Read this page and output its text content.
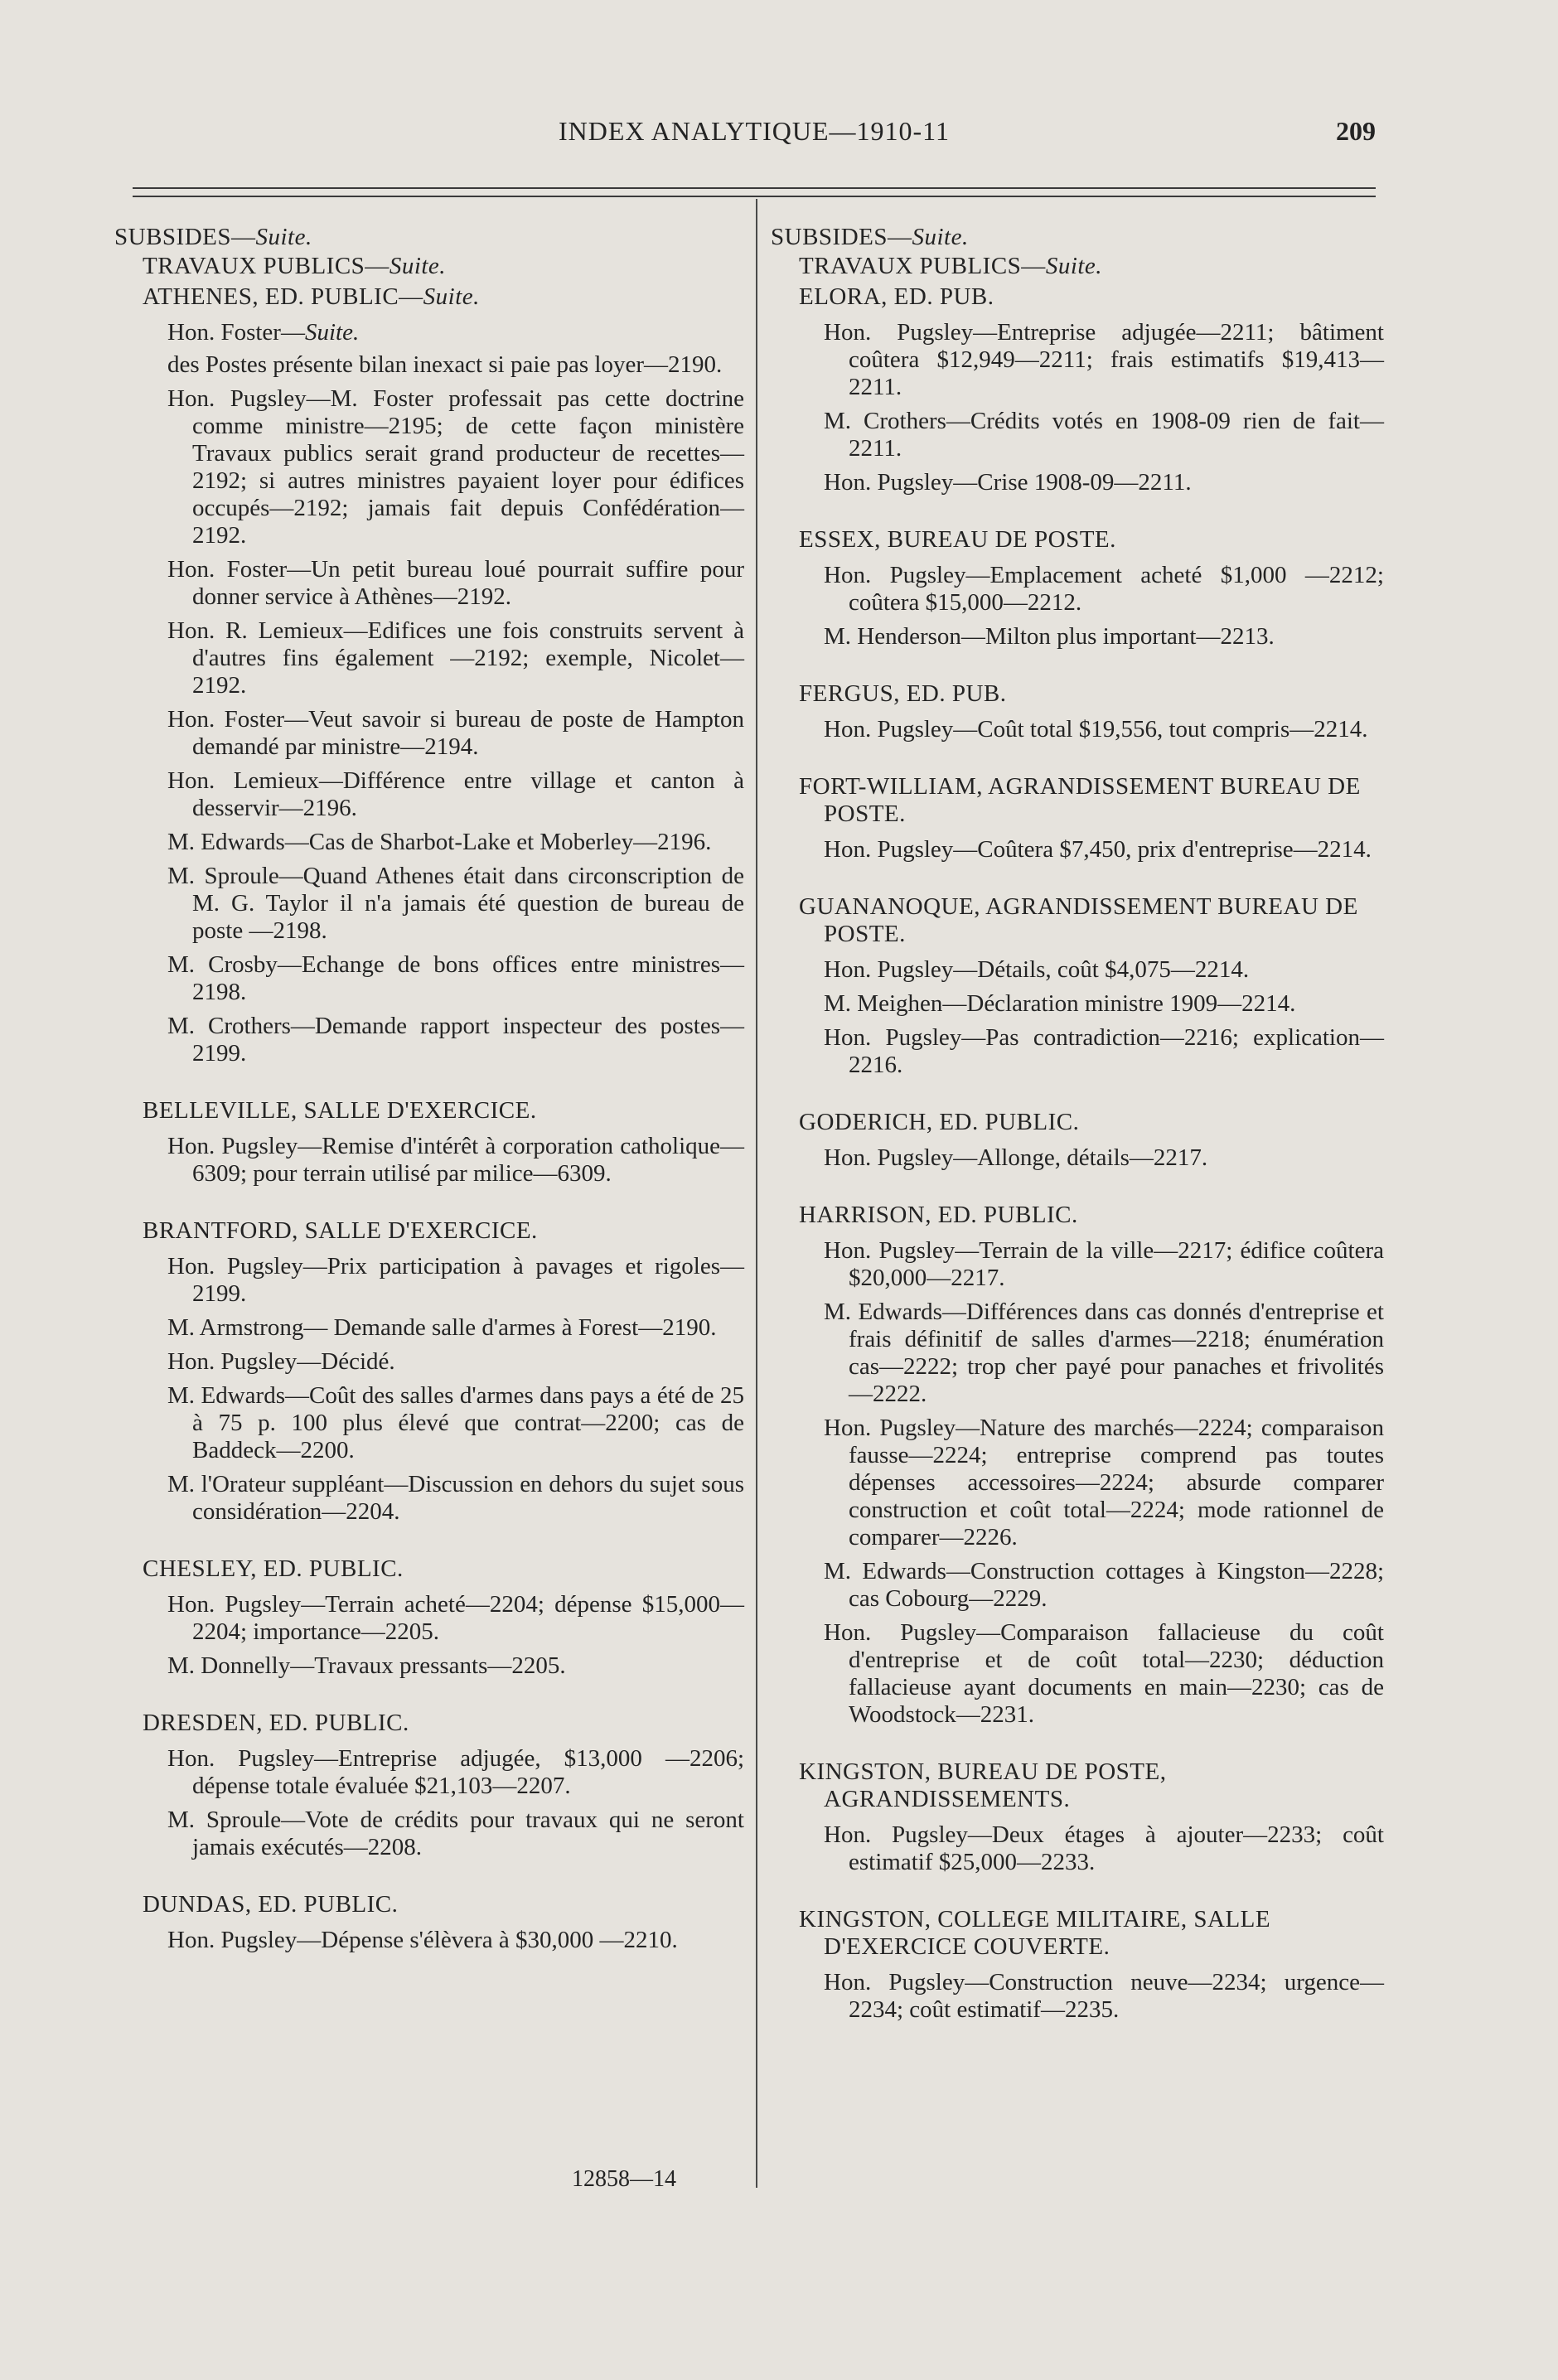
INDEX ANALYTIQUE—1910-11	209

SUBSIDES—Suite.

TRAVAUX PUBLICS—Suite.

ATHENES, ED. PUBLIC—Suite.

Hon. Foster—Suite.

des Postes présente bilan inexact si paie pas loyer—2190.

Hon. Pugsley—M. Foster professait pas cette doctrine comme ministre—2195; de cette façon ministère Travaux publics serait grand producteur de recettes—2192; si autres ministres payaient loyer pour édifices occupés—2192; jamais fait depuis Confédération—2192.

Hon. Foster—Un petit bureau loué pourrait suffire pour donner service à Athènes—2192.

Hon. R. Lemieux—Edifices une fois construits servent à d'autres fins également —2192; exemple, Nicolet—2192.

Hon. Foster—Veut savoir si bureau de poste de Hampton demandé par ministre—2194.

Hon. Lemieux—Différence entre village et canton à desservir—2196.

M. Edwards—Cas de Sharbot-Lake et Moberley—2196.

M. Sproule—Quand Athenes était dans circonscription de M. G. Taylor il n'a jamais été question de bureau de poste —2198.

M. Crosby—Echange de bons offices entre ministres—2198.

M. Crothers—Demande rapport inspecteur des postes—2199.

BELLEVILLE, SALLE D'EXERCICE.

Hon. Pugsley—Remise d'intérêt à corporation catholique—6309; pour terrain utilisé par milice—6309.

BRANTFORD, SALLE D'EXERCICE.

Hon. Pugsley—Prix participation à pavages et rigoles—2199.

M. Armstrong— Demande salle d'armes à Forest—2190.

Hon. Pugsley—Décidé.

M. Edwards—Coût des salles d'armes dans pays a été de 25 à 75 p. 100 plus élevé que contrat—2200; cas de Baddeck—2200.

M. l'Orateur suppléant—Discussion en dehors du sujet sous considération—2204.

CHESLEY, ED. PUBLIC.

Hon. Pugsley—Terrain acheté—2204; dépense $15,000—2204; importance—2205.

M. Donnelly—Travaux pressants—2205.

DRESDEN, ED. PUBLIC.

Hon. Pugsley—Entreprise adjugée, $13,000 —2206; dépense totale évaluée $21,103—2207.

M. Sproule—Vote de crédits pour travaux qui ne seront jamais exécutés—2208.

DUNDAS, ED. PUBLIC.

Hon. Pugsley—Dépense s'élèvera à $30,000 —2210.

SUBSIDES—Suite.

TRAVAUX PUBLICS—Suite.

ELORA, ED. PUB.

Hon. Pugsley—Entreprise adjugée—2211; bâtiment coûtera $12,949—2211; frais estimatifs $19,413—2211.

M. Crothers—Crédits votés en 1908-09 rien de fait—2211.

Hon. Pugsley—Crise 1908-09—2211.

ESSEX, BUREAU DE POSTE.

Hon. Pugsley—Emplacement acheté $1,000 —2212; coûtera $15,000—2212.

M. Henderson—Milton plus important—2213.

FERGUS, ED. PUB.

Hon. Pugsley—Coût total $19,556, tout compris—2214.

FORT-WILLIAM, AGRANDISSEMENT BUREAU DE POSTE.

Hon. Pugsley—Coûtera $7,450, prix d'entreprise—2214.

GUANANOQUE, AGRANDISSEMENT BUREAU DE POSTE.

Hon. Pugsley—Détails, coût $4,075—2214.

M. Meighen—Déclaration ministre 1909—2214.

Hon. Pugsley—Pas contradiction—2216; explication—2216.

GODERICH, ED. PUBLIC.

Hon. Pugsley—Allonge, détails—2217.

HARRISON, ED. PUBLIC.

Hon. Pugsley—Terrain de la ville—2217; édifice coûtera $20,000—2217.

M. Edwards—Différences dans cas donnés d'entreprise et frais définitif de salles d'armes—2218; énumération cas—2222; trop cher payé pour panaches et frivolités—2222.

Hon. Pugsley—Nature des marchés—2224; comparaison fausse—2224; entreprise comprend pas toutes dépenses accessoires—2224; absurde comparer construction et coût total—2224; mode rationnel de comparer—2226.

M. Edwards—Construction cottages à Kingston—2228; cas Cobourg—2229.

Hon. Pugsley—Comparaison fallacieuse du coût d'entreprise et de coût total—2230; déduction fallacieuse ayant documents en main—2230; cas de Woodstock—2231.

KINGSTON, BUREAU DE POSTE, AGRANDISSEMENTS.

Hon. Pugsley—Deux étages à ajouter—2233; coût estimatif $25,000—2233.

KINGSTON, COLLEGE MILITAIRE, SALLE D'EXERCICE COUVERTE.

Hon. Pugsley—Construction neuve—2234; urgence—2234; coût estimatif—2235.

12858—14
